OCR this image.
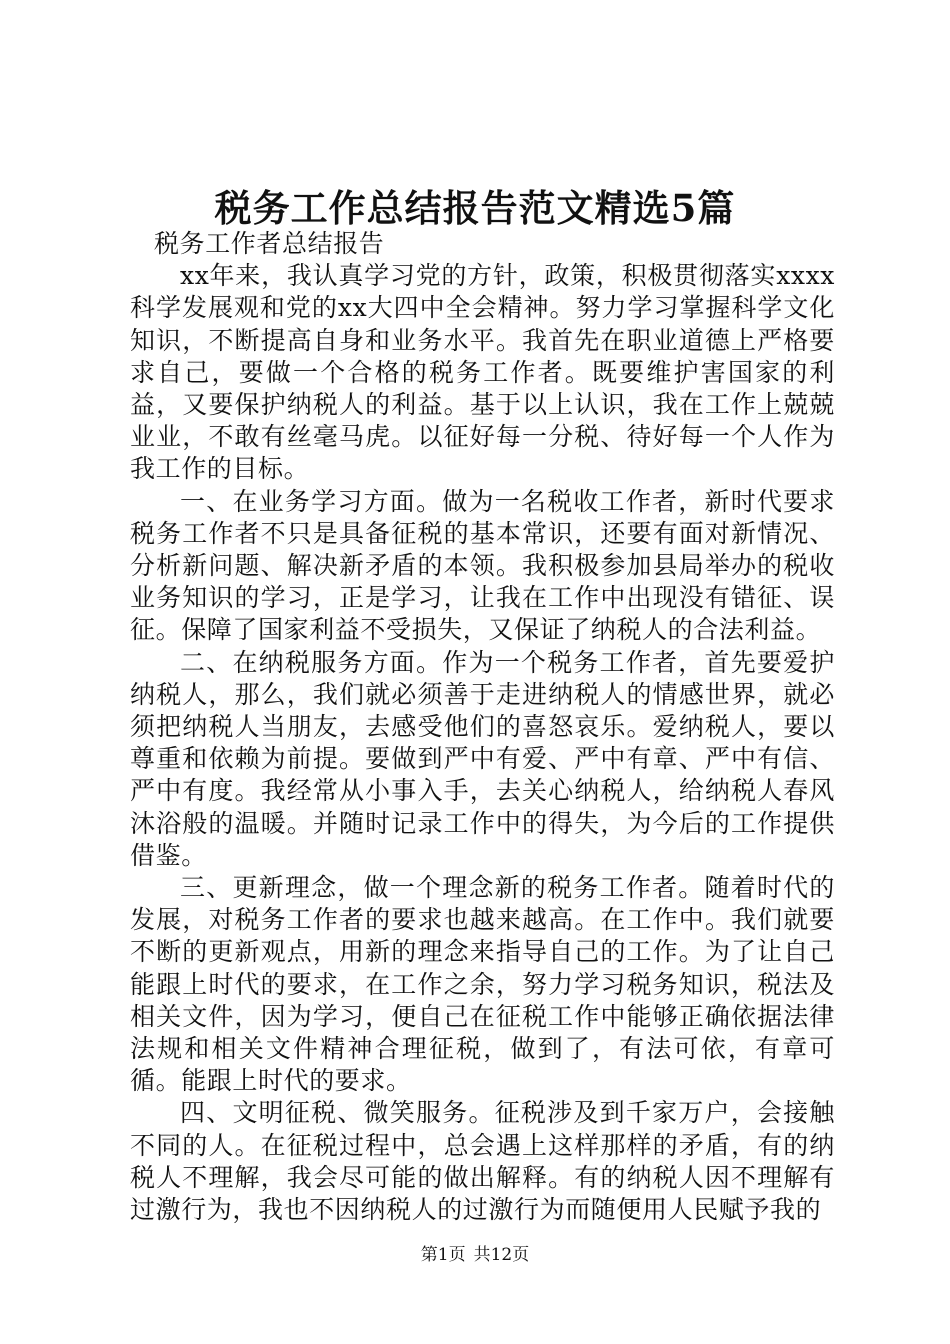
税务工作总结报告范文精选5篇

税务工作者总结报告

xx年来，我认真学习党的方针，政策，积极贯彻落实xxxx科学发展观和党的xx大四中全会精神。努力学习掌握科学文化知识，不断提高自身和业务水平。我首先在职业道德上严格要求自己，要做一个合格的税务工作者。既要维护害国家的利益，又要保护纳税人的利益。基于以上认识，我在工作上兢兢业业，不敢有丝毫马虎。以征好每一分税、待好每一个人作为我工作的目标。

一、在业务学习方面。做为一名税收工作者，新时代要求税务工作者不只是具备征税的基本常识，还要有面对新情况、分析新问题、解决新矛盾的本领。我积极参加县局举办的税收业务知识的学习，正是学习，让我在工作中出现没有错征、误征。保障了国家利益不受损失，又保证了纳税人的合法利益。

二、在纳税服务方面。作为一个税务工作者，首先要爱护纳税人，那么，我们就必须善于走进纳税人的情感世界，就必须把纳税人当朋友，去感受他们的喜怒哀乐。爱纳税人，要以尊重和依赖为前提。要做到严中有爱、严中有章、严中有信、严中有度。我经常从小事入手，去关心纳税人，给纳税人春风沐浴般的温暖。并随时记录工作中的得失，为今后的工作提供借鉴。

三、更新理念，做一个理念新的税务工作者。随着时代的发展，对税务工作者的要求也越来越高。在工作中。我们就要不断的更新观点，用新的理念来指导自己的工作。为了让自己能跟上时代的要求，在工作之余，努力学习税务知识，税法及相关文件，因为学习，便自己在征税工作中能够正确依据法律法规和相关文件精神合理征税，做到了，有法可依，有章可循。能跟上时代的要求。

四、文明征税、微笑服务。征税涉及到千家万户，会接触不同的人。在征税过程中，总会遇上这样那样的矛盾，有的纳税人不理解，我会尽可能的做出解释。有的纳税人因不理解有过激行为，我也不因纳税人的过激行为而随便用人民赋予我的

第1页 共12页
